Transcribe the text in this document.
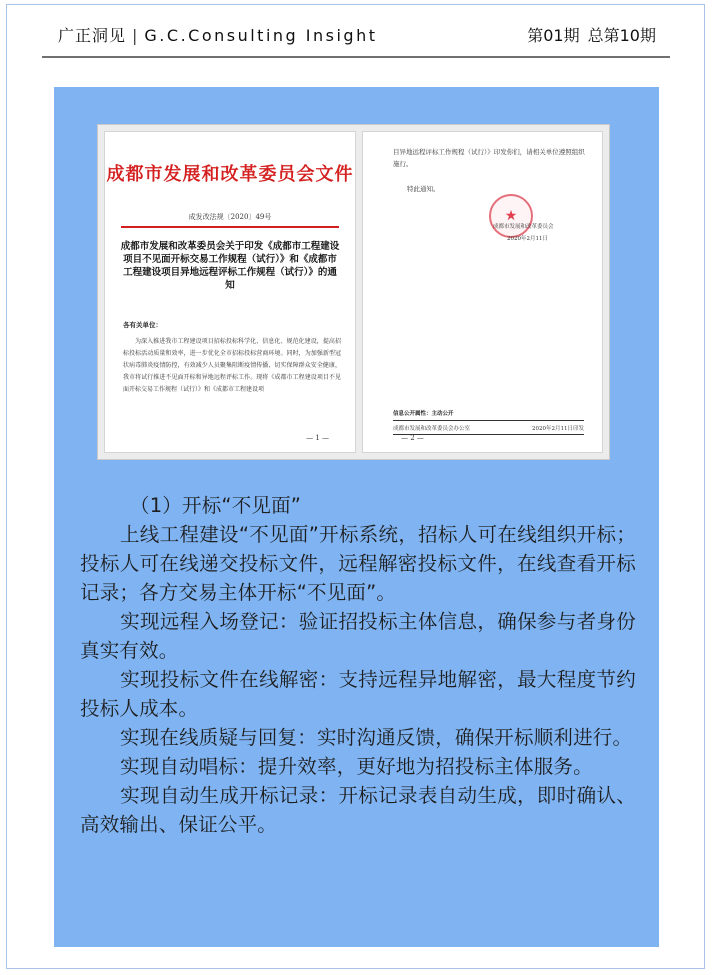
广正洞见 | G.C.Consulting Insight	第01期 总第10期
成都市发展和改革委员会文件
成发改法规〔2020〕49号
成都市发展和改革委员会关于印发《成都市工程建设项目不见面开标交易工作规程（试行）》和《成都市工程建设项目异地远程评标工作规程（试行）》的通知
各有关单位：
为深入推进我市工程建设项目招标投标科学化、信息化、规范化建设，提高招标投标活动质量和效率，进一步优化全市招标投标营商环境。同时，为加强新型冠状病毒肺炎疫情防控，有效减少人员聚集阻断疫情传播，切实保障群众安全健康，我市将试行推进不见面开标和异地远程评标工作。现将《成都市工程建设项目不见面开标交易工作规程（试行）》和《成都市工程建设项
— 1 —
目异地远程评标工作规程（试行）》印发你们，请相关单位遵照组织施行。
特此通知。
★
成都市发展和改革委员会
2020年2月11日
信息公开属性：主动公开
成都市发展和改革委员会办公室	2020年2月11日印发
— 2 —

（1）开标“不见面”

上线工程建设“不见面”开标系统，招标人可在线组织开标；投标人可在线递交投标文件，远程解密投标文件，在线查看开标记录；各方交易主体开标“不见面”。

实现远程入场登记：验证招投标主体信息，确保参与者身份真实有效。

实现投标文件在线解密：支持远程异地解密，最大程度节约投标人成本。

实现在线质疑与回复：实时沟通反馈，确保开标顺利进行。

实现自动唱标：提升效率，更好地为招投标主体服务。

实现自动生成开标记录：开标记录表自动生成，即时确认、高效输出、保证公平。
